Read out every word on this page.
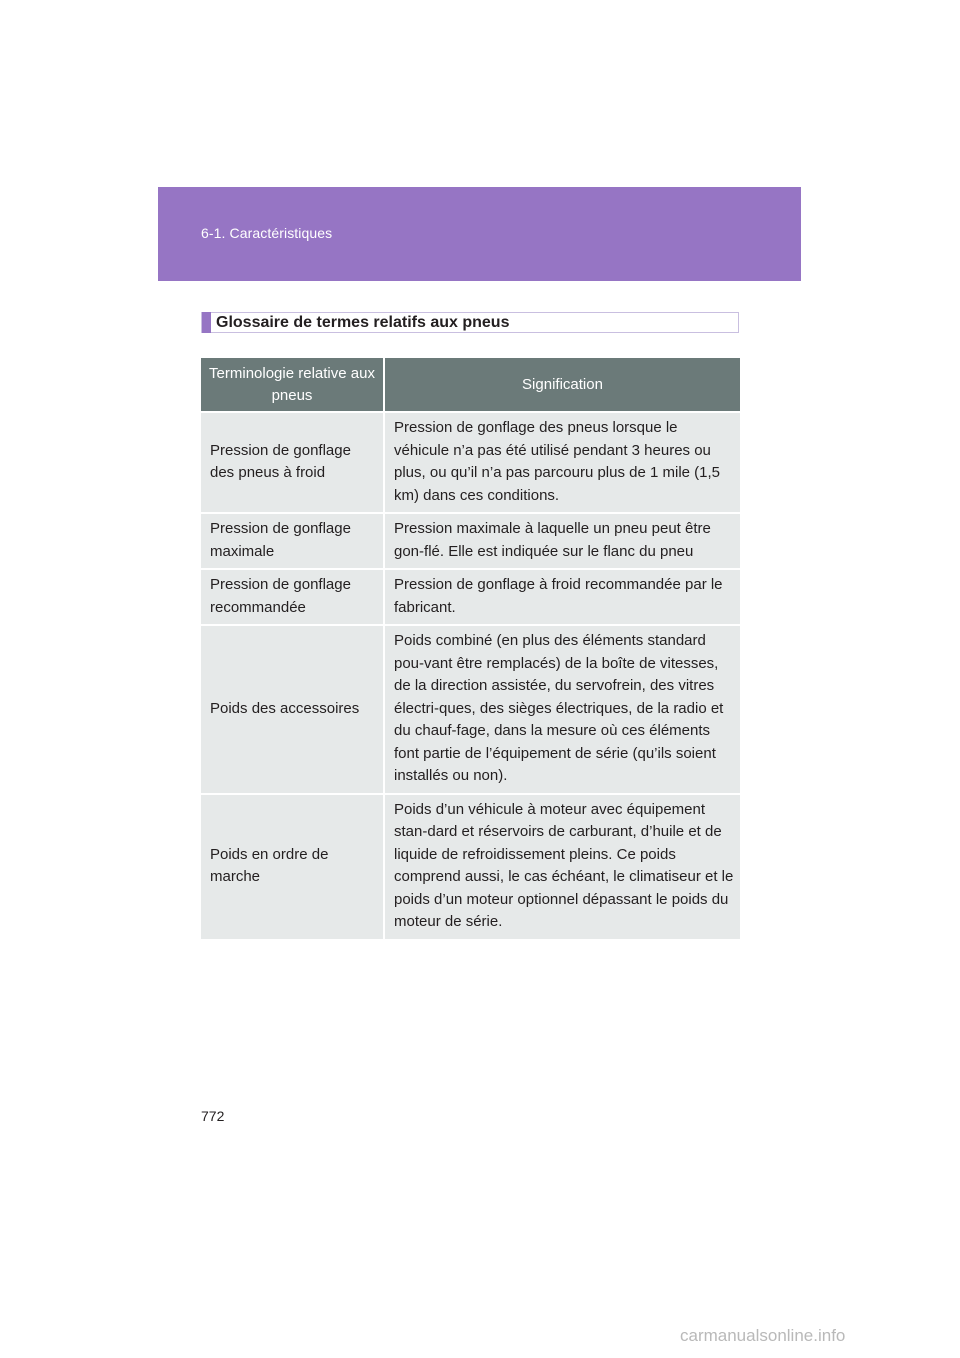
6-1. Caractéristiques
Glossaire de termes relatifs aux pneus
Terminologie relative aux pneus	Signification
Pression de gonflage des pneus à froid	Pression de gonflage des pneus lorsque le véhicule n’a pas été utilisé pendant 3 heures ou plus, ou qu’il n’a pas parcouru plus de 1 mile (1,5 km) dans ces conditions.
Pression de gonflage maximale	Pression maximale à laquelle un pneu peut être gon-flé. Elle est indiquée sur le flanc du pneu
Pression de gonflage recommandée	Pression de gonflage à froid recommandée par le fabricant.
Poids des accessoires	Poids combiné (en plus des éléments standard pou-vant être remplacés) de la boîte de vitesses, de la direction assistée, du servofrein, des vitres électri-ques, des sièges électriques, de la radio et du chauf-fage, dans la mesure où ces éléments font partie de l’équipement de série (qu’ils soient installés ou non).
Poids en ordre de marche	Poids d’un véhicule à moteur avec équipement stan-dard et réservoirs de carburant, d’huile et de liquide de refroidissement pleins. Ce poids comprend aussi, le cas échéant, le climatiseur et le poids d’un moteur optionnel dépassant le poids du moteur de série.
772
carmanualsonline.info
